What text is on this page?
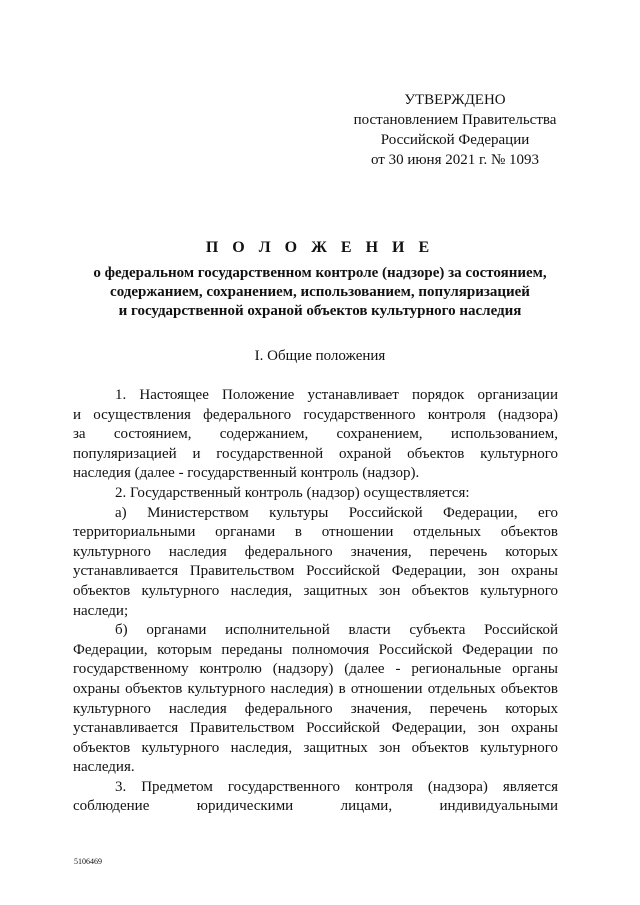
УТВЕРЖДЕНО
постановлением Правительства
Российской Федерации
от 30 июня 2021 г. № 1093
П О Л О Ж Е Н И Е
о федеральном государственном контроле (надзоре) за состоянием,
содержанием, сохранением, использованием, популяризацией
и государственной охраной объектов культурного наследия
I. Общие положения
1. Настоящее Положение устанавливает порядок организации
и осуществления федерального государственного контроля (надзора)
за состоянием, содержанием, сохранением, использованием,
популяризацией и государственной охраной объектов культурного
наследия (далее - государственный контроль (надзор).
2. Государственный контроль (надзор) осуществляется:
а) Министерством культуры Российской Федерации, его
территориальными органами в отношении отдельных объектов
культурного наследия федерального значения, перечень которых
устанавливается Правительством Российской Федерации, зон охраны
объектов культурного наследия, защитных зон объектов культурного
наследи;
б) органами исполнительной власти субъекта Российской
Федерации, которым переданы полномочия Российской Федерации по
государственному контролю (надзору) (далее - региональные органы
охраны объектов культурного наследия) в отношении отдельных объектов
культурного наследия федерального значения, перечень которых
устанавливается Правительством Российской Федерации, зон охраны
объектов культурного наследия, защитных зон объектов культурного
наследия.
3. Предметом государственного контроля (надзора) является
соблюдение юридическими лицами, индивидуальными
5106469
